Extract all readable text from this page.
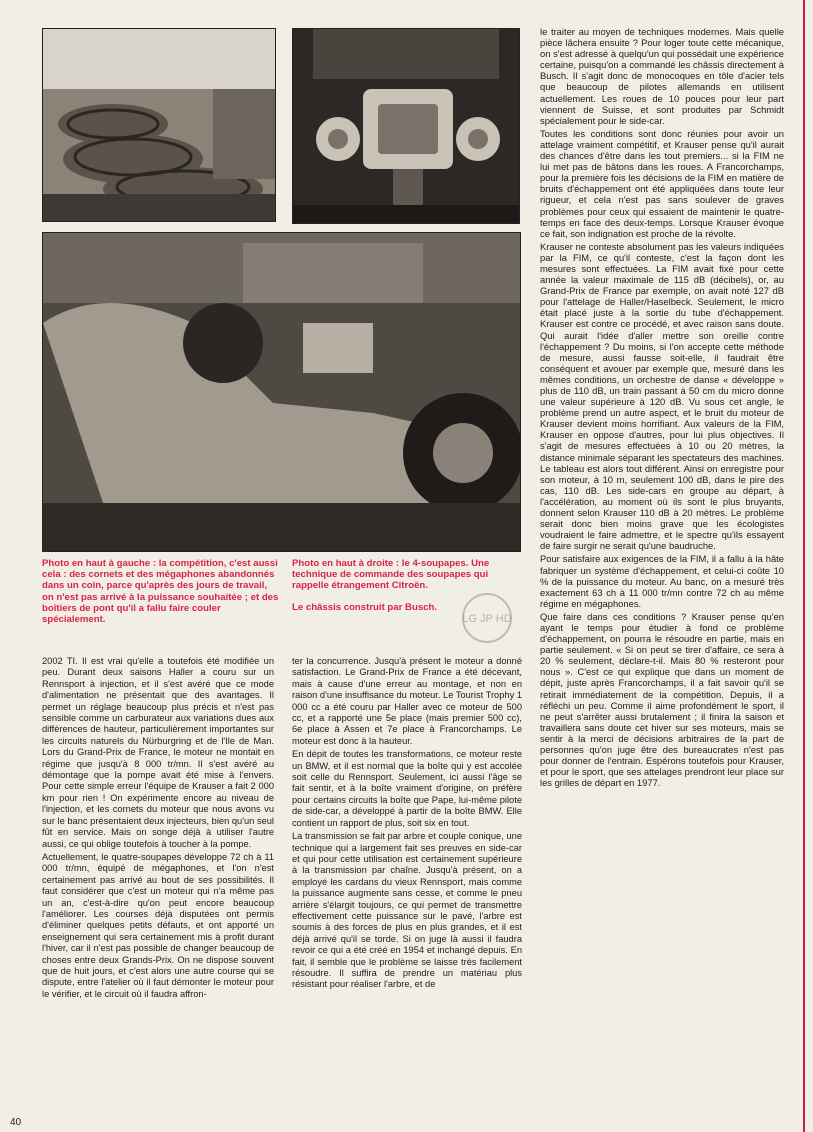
Photo en haut à gauche : la compétition, c'est aussi cela : des cornets et des mégaphones abandonnés dans un coin, parce qu'après des jours de travail, on n'est pas arrivé à la puissance souhaitée ; et des boîtiers de pont qu'il a fallu faire couler spécialement.

Photo en haut à droite : le 4-soupapes. Une technique de commande des soupapes qui rappelle étrangement Citroën.

Le châssis construit par Busch.

LG JP HD

le traiter au moyen de techniques modernes. Mais quelle pièce lâchera ensuite ? Pour loger toute cette mécanique, on s'est adressé à quelqu'un qui possédait une expérience certaine, puisqu'on a commandé les châssis directement à Busch. Il s'agit donc de monocoques en tôle d'acier tels que beaucoup de pilotes allemands en utilisent actuellement. Les roues de 10 pouces pour leur part viennent de Suisse, et sont produites par Schmidt spécialement pour le side-car.

Toutes les conditions sont donc réunies pour avoir un attelage vraiment compétitif, et Krauser pense qu'il aurait des chances d'être dans les tout premiers... si la FIM ne lui met pas de bâtons dans les roues. A Francorchamps, pour la première fois les décisions de la FIM en matière de bruits d'échappement ont été appliquées dans toute leur rigueur, et cela n'est pas sans soulever de graves problèmes pour ceux qui essaient de maintenir le quatre-temps en face des deux-temps. Lorsque Krauser évoque ce fait, son indignation est proche de la révolte.

Krauser ne conteste absolument pas les valeurs indiquées par la FIM, ce qu'il conteste, c'est la façon dont les mesures sont effectuées. La FIM avait fixé pour cette année la valeur maximale de 115 dB (décibels), or, au Grand-Prix de France par exemple, on avait noté 127 dB pour l'attelage de Haller/Haselbeck. Seulement, le micro était placé juste à la sortie du tube d'échappement. Krauser est contre ce procédé, et avec raison sans doute. Qui aurait l'idée d'aller mettre son oreille contre l'échappement ? Du moins, si l'on accepte cette méthode de mesure, aussi fausse soit-elle, il faudrait être conséquent et avouer par exemple que, mesuré dans les mêmes conditions, un orchestre de danse « développe » plus de 110 dB, un train passant à 50 cm du micro donne une valeur supérieure à 120 dB. Vu sous cet angle, le problème prend un autre aspect, et le bruit du moteur de Krauser devient moins horrifiant. Aux valeurs de la FIM, Krauser en oppose d'autres, pour lui plus objectives. Il s'agit de mesures effectuées à 10 ou 20 mètres, la distance minimale séparant les spectateurs des machines. Le tableau est alors tout différent. Ainsi on enregistre pour son moteur, à 10 m, seulement 100 dB, dans le pire des cas, 110 dB. Les side-cars en groupe au départ, à l'accélération, au moment où ils sont le plus bruyants, donnent selon Krauser 110 dB à 20 mètres. Le problème serait donc bien moins grave que les écologistes voudraient le faire admettre, et le spectre qu'ils essayent de faire surgir ne serait qu'une baudruche.

Pour satisfaire aux exigences de la FIM, il a fallu à la hâte fabriquer un système d'échappement, et celui-ci coûte 10 % de la puissance du moteur. Au banc, on a mesuré très exactement 63 ch à 11 000 tr/mn contre 72 ch au même régime en mégaphones.

Que faire dans ces conditions ? Krauser pense qu'en ayant le temps pour étudier à fond ce problème d'échappement, on pourra le résoudre en partie, mais en partie seulement. « Si on peut se tirer d'affaire, ce sera à 20 % seulement, déclare-t-il. Mais 80 % resteront pour nous ». C'est ce qui explique que dans un moment de dépit, juste après Francorchamps, il a fait savoir qu'il se retirait immédiatement de la compétition. Depuis, il a réfléchi un peu. Comme il aime profondément le sport, il ne peut s'arrêter aussi brutalement ; il finira la saison et travaillera sans doute cet hiver sur ses moteurs, mais se sentir à la merci de décisions arbitraires de la part de personnes qu'on juge être des bureaucrates n'est pas pour donner de l'entrain. Espérons toutefois pour Krauser, et pour le sport, que ses attelages prendront leur place sur les grilles de départ en 1977.

2002 TI. Il est vrai qu'elle a toutefois été modifiée un peu. Durant deux saisons Haller a couru sur un Rennsport à injection, et il s'est avéré que ce mode d'alimentation ne présentait que des avantages. Il permet un réglage beaucoup plus précis et n'est pas sensible comme un carburateur aux variations dues aux différences de hauteur, particulièrement importantes sur les circuits naturels du Nürburgring et de l'Ile de Man. Lors du Grand-Prix de France, le moteur ne montait en régime que jusqu'à 8 000 tr/mn. Il s'est avéré au démontage que la pompe avait été mise à l'envers. Pour cette simple erreur l'équipe de Krauser a fait 2 000 km pour rien ! On expérimente encore au niveau de l'injection, et les cornets du moteur que nous avons vu sur le banc présentaient deux injecteurs, bien qu'un seul fût en service. Mais on songe déjà à utiliser l'autre aussi, ce qui oblige toutefois à toucher à la pompe.

Actuellement, le quatre-soupapes développe 72 ch à 11 000 tr/mn, équipé de mégaphones, et l'on n'est certainement pas arrivé au bout de ses possibilités. Il faut considérer que c'est un moteur qui n'a même pas un an, c'est-à-dire qu'on peut encore beaucoup l'améliorer. Les courses déjà disputées ont permis d'éliminer quelques petits défauts, et ont apporté un enseignement qui sera certainement mis à profit durant l'hiver, car il n'est pas possible de changer beaucoup de choses entre deux Grands-Prix. On ne dispose souvent que de huit jours, et c'est alors une autre course qui se dispute, entre l'atelier où il faut démonter le moteur pour le vérifier, et le circuit où il faudra affron-

ter la concurrence. Jusqu'à présent le moteur a donné satisfaction. Le Grand-Prix de France a été décevant, mais à cause d'une erreur au montage, et non en raison d'une insuffisance du moteur. Le Tourist Trophy 1 000 cc a été couru par Haller avec ce moteur de 500 cc, et a rapporté une 5e place (mais premier 500 cc), 6e place à Assen et 7e place à Francorchamps. Le moteur est donc à la hauteur.

En dépit de toutes les transformations, ce moteur reste un BMW, et il est normal que la boîte qui y est accolée soit celle du Rennsport. Seulement, ici aussi l'âge se fait sentir, et à la boîte vraiment d'origine, on préfère pour certains circuits la boîte que Pape, lui-même pilote de side-car, a développé à partir de la boîte BMW. Elle contient un rapport de plus, soit six en tout.

La transmission se fait par arbre et couple conique, une technique qui a largement fait ses preuves en side-car et qui pour cette utilisation est certainement supérieure à la transmission par chaîne. Jusqu'à présent, on a employé les cardans du vieux Rennsport, mais comme la puissance augmente sans cesse, et comme le pneu arrière s'élargit toujours, ce qui permet de transmettre effectivement cette puissance sur le pavé, l'arbre est soumis à des forces de plus en plus grandes, et il est déjà arrivé qu'il se torde. Si on juge là aussi il faudra revoir ce qui a été créé en 1954 et inchangé depuis. En fait, il semble que le problème se laisse très facilement résoudre. Il suffira de prendre un matériau plus résistant pour réaliser l'arbre, et de

40
